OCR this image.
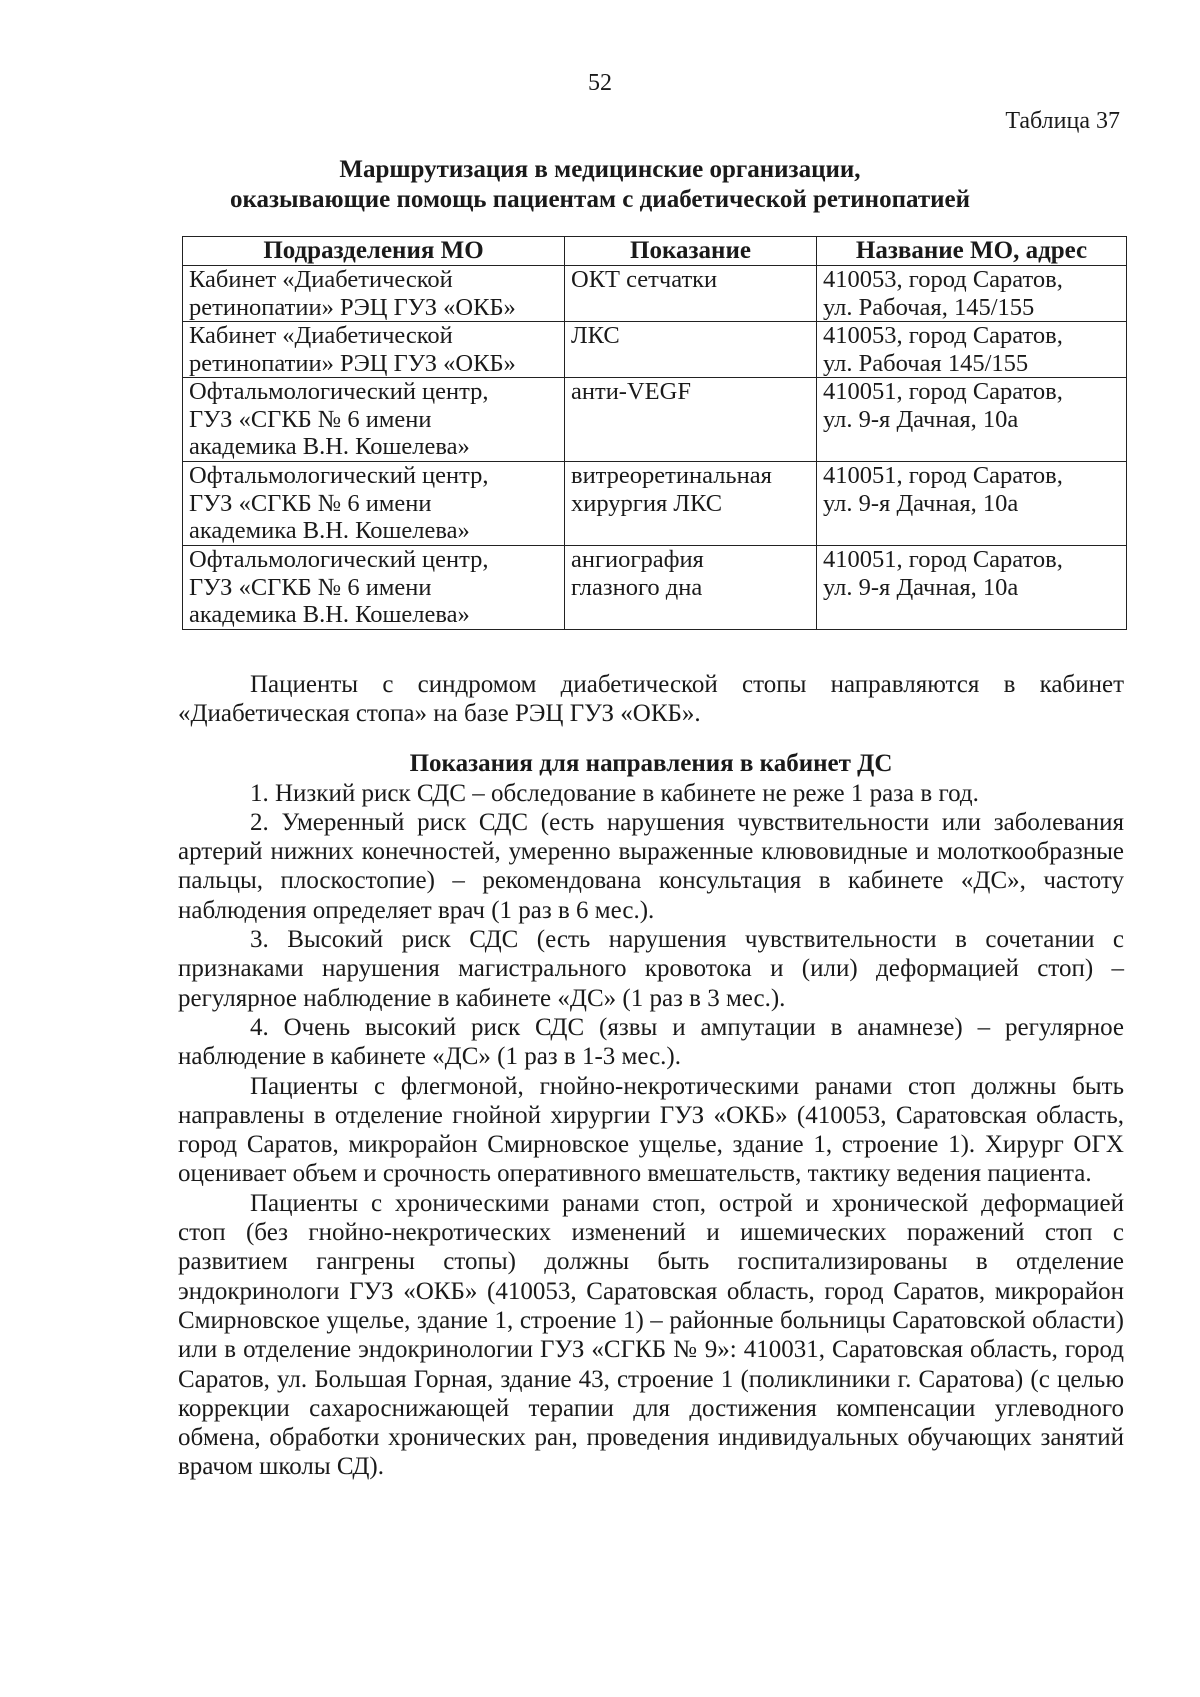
52
Таблица 37
Маршрутизация в медицинские организации,
оказывающие помощь пациентам с диабетической ретинопатией
Подразделения МО	Показание	Название МО, адрес

Кабинет «Диабетической
ретинопатии» РЭЦ ГУЗ «ОКБ»	ОКТ сетчатки	410053, город Саратов,
ул. Рабочая, 145/155

Кабинет «Диабетической
ретинопатии» РЭЦ ГУЗ «ОКБ»	ЛКС	410053, город Саратов,
ул. Рабочая 145/155

Офтальмологический центр,
ГУЗ «СГКБ № 6 имени
академика В.Н. Кошелева»	анти-VEGF	410051, город Саратов,
ул. 9-я Дачная, 10а

Офтальмологический центр,
ГУЗ «СГКБ № 6 имени
академика В.Н. Кошелева»	витреоретинальная
хирургия ЛКС	410051, город Саратов,
ул. 9-я Дачная, 10а

Офтальмологический центр,
ГУЗ «СГКБ № 6 имени
академика В.Н. Кошелева»	ангиография
глазного дна	410051, город Саратов,
ул. 9-я Дачная, 10а

Пациенты с синдромом диабетической стопы направляются в кабинет «Диабетическая стопа» на базе РЭЦ ГУЗ «ОКБ».

Показания для направления в кабинет ДС

1. Низкий риск СДС – обследование в кабинете не реже 1 раза в год.

2. Умеренный риск СДС (есть нарушения чувствительности или заболевания артерий нижних конечностей, умеренно выраженные клювовидные и молоткообразные пальцы, плоскостопие) – рекомендована консультация в кабинете «ДС», частоту наблюдения определяет врач (1 раз в 6 мес.).

3. Высокий риск СДС (есть нарушения чувствительности в сочетании с признаками нарушения магистрального кровотока и (или) деформацией стоп) – регулярное наблюдение в кабинете «ДС» (1 раз в 3 мес.).

4. Очень высокий риск СДС (язвы и ампутации в анамнезе) – регулярное наблюдение в кабинете «ДС» (1 раз в 1-3 мес.).

Пациенты с флегмоной, гнойно-некротическими ранами стоп должны быть направлены в отделение гнойной хирургии ГУЗ «ОКБ» (410053, Саратовская область, город Саратов, микрорайон Смирновское ущелье, здание 1, строение 1). Хирург ОГХ оценивает объем и срочность оперативного вмешательств, тактику ведения пациента.

Пациенты с хроническими ранами стоп, острой и хронической деформацией стоп (без гнойно-некротических изменений и ишемических поражений стоп с развитием гангрены стопы) должны быть госпитализированы в отделение эндокринологи ГУЗ «ОКБ» (410053, Саратовская область, город Саратов, микрорайон Смирновское ущелье, здание 1, строение 1) – районные больницы Саратовской области) или в отделение эндокринологии ГУЗ «СГКБ № 9»: 410031, Саратовская область, город Саратов, ул. Большая Горная, здание 43, строение 1 (поликлиники г. Саратова) (с целью коррекции сахароснижающей терапии для достижения компенсации углеводного обмена, обработки хронических ран, проведения индивидуальных обучающих занятий врачом школы СД).
